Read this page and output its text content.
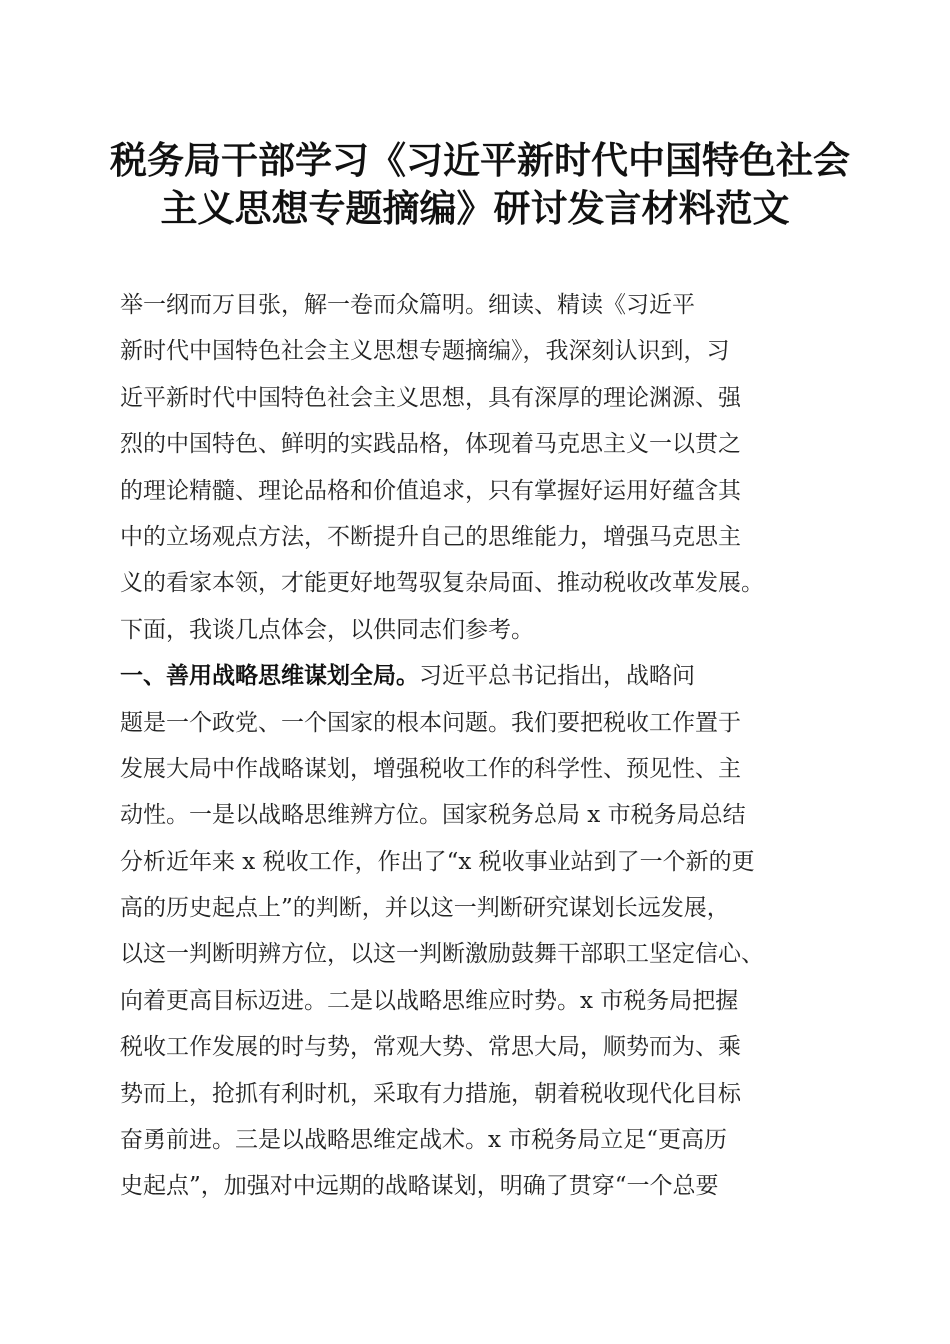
税务局干部学习《习近平新时代中国特色社会
主义思想专题摘编》研讨发言材料范文
举一纲而万目张，解一卷而众篇明。细读、精读《习近平
新时代中国特色社会主义思想专题摘编》，我深刻认识到，习
近平新时代中国特色社会主义思想，具有深厚的理论渊源、强
烈的中国特色、鲜明的实践品格，体现着马克思主义一以贯之
的理论精髓、理论品格和价值追求，只有掌握好运用好蕴含其
中的立场观点方法，不断提升自己的思维能力，增强马克思主
义的看家本领，才能更好地驾驭复杂局面、推动税收改革发展。
下面，我谈几点体会，以供同志们参考。
一、善用战略思维谋划全局。习近平总书记指出，战略问
题是一个政党、一个国家的根本问题。我们要把税收工作置于
发展大局中作战略谋划，增强税收工作的科学性、预见性、主
动性。一是以战略思维辨方位。国家税务总局 x 市税务局总结
分析近年来 x 税收工作，作出了“x 税收事业站到了一个新的更
高的历史起点上”的判断，并以这一判断研究谋划长远发展，
以这一判断明辨方位，以这一判断激励鼓舞干部职工坚定信心、
向着更高目标迈进。二是以战略思维应时势。x 市税务局把握
税收工作发展的时与势，常观大势、常思大局，顺势而为、乘
势而上，抢抓有利时机，采取有力措施，朝着税收现代化目标
奋勇前进。三是以战略思维定战术。x 市税务局立足“更高历
史起点”，加强对中远期的战略谋划，明确了贯穿“一个总要
